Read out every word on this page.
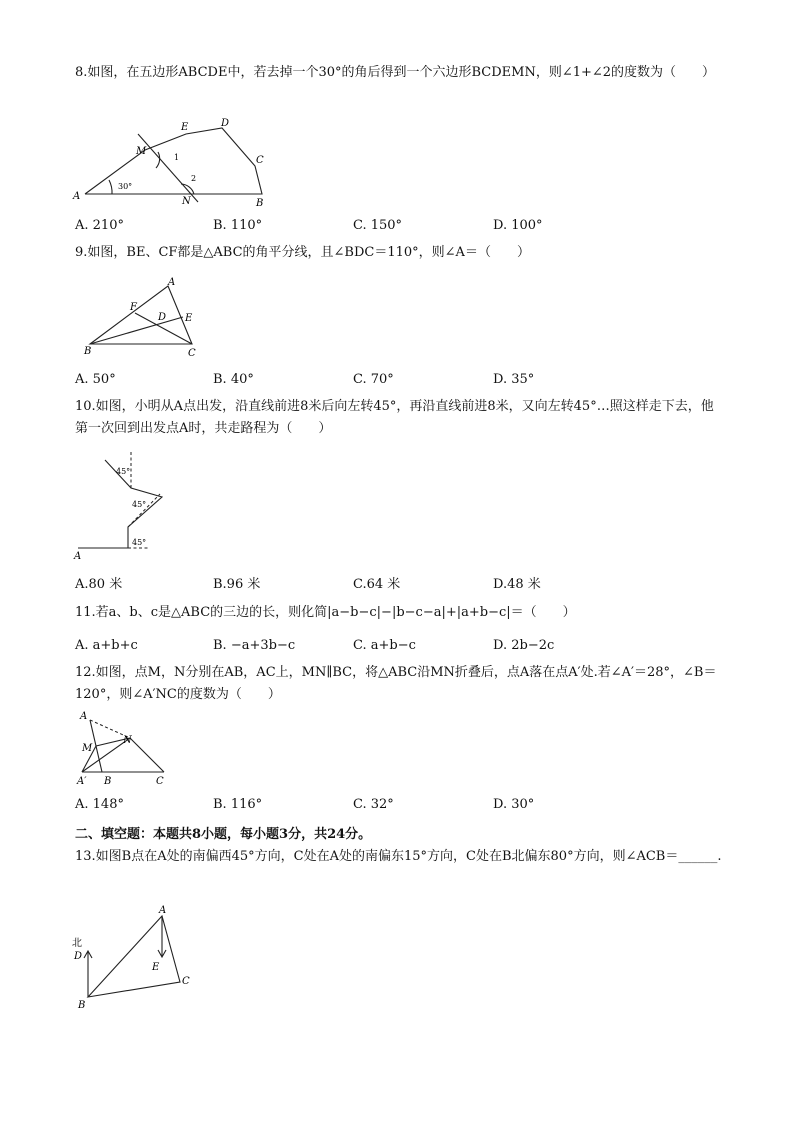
8.如图，在五边形ABCDE中，若去掉一个30°的角后得到一个六边形BCDEMN，则∠1+∠2的度数为（　　）
A
M
E	D
C
B
N
1
2
30°
A. 210°	B. 110°	C. 150°	D. 100°
9.如图，BE、CF都是△ABC的角平分线，且∠BDC＝110°，则∠A＝（　　）
A
F
D E
B	C
A. 50°	B. 40°	C. 70°	D. 35°
10.如图，小明从A点出发，沿直线前进8米后向左转45°，再沿直线前进8米，又向左转45°…照这样走下去，他第一次回到出发点A时，共走路程为（　　）
A
45°
45°
45°
A.80 米	B.96 米	C.64 米	D.48 米
11.若a、b、c是△ABC的三边的长，则化简|a−b−c|−|b−c−a|+|a+b−c|＝（　　）
A. a+b+c	B. −a+3b−c	C. a+b−c	D. 2b−2c
12.如图，点M，N分别在AB，AC上，MN∥BC，将△ABC沿MN折叠后，点A落在点A′处.若∠A′＝28°，∠B＝120°，则∠A′NC的度数为（　　）
A
M
N
A′ B	C
A. 148°	B. 116°	C. 32°	D. 30°
二、填空题：本题共8小题，每小题3分，共24分。
13.如图B点在A处的南偏西45°方向，C处在A处的南偏东15°方向，C处在B北偏东80°方向，则∠ACB＝______.
北
D
A
E
B
C
